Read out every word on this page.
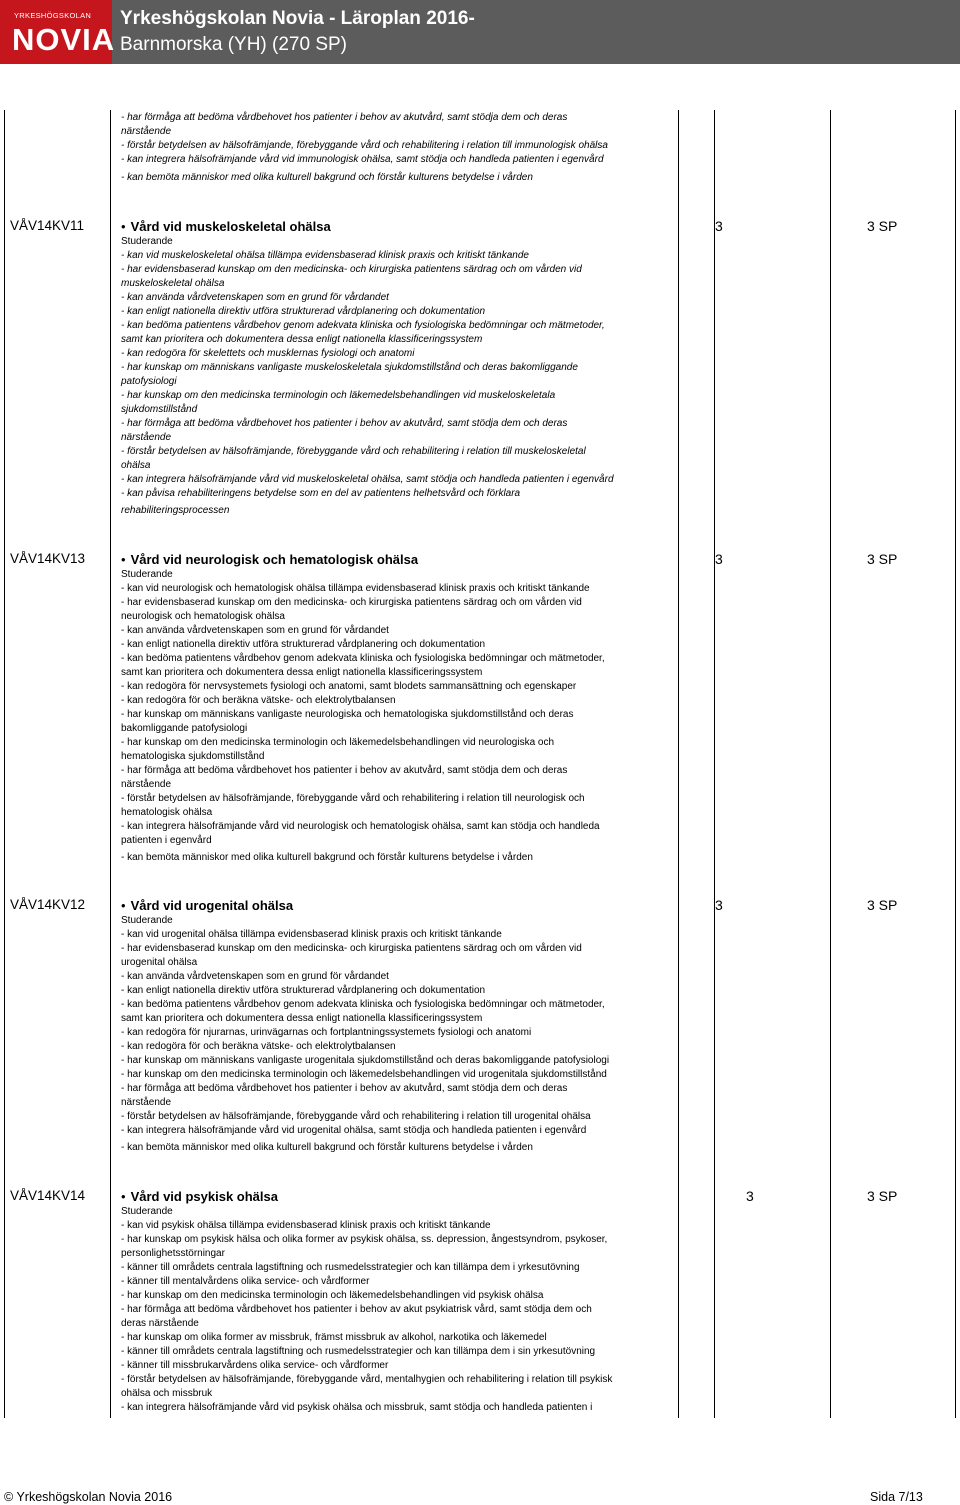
YRKESHÖGSKOLAN
NOVIA
Yrkeshögskolan Novia - Läroplan 2016-
Barnmorska (YH) (270 SP)
- har förmåga att bedöma vårdbehovet hos patienter i behov av akutvård, samt stödja dem och deras
närstående
- förstår betydelsen av hälsofrämjande, förebyggande vård och rehabilitering i relation till immunologisk ohälsa
- kan integrera hälsofrämjande vård vid immunologisk ohälsa, samt stödja och handleda patienten i egenvård
- kan bemöta människor med olika kulturell bakgrund och förstår kulturens betydelse i vården
VÅV14KV11	3	3 SP
• Vård vid muskeloskeletal ohälsa
Studerande
- kan vid muskeloskeletal ohälsa tillämpa evidensbaserad klinisk praxis och kritiskt tänkande
- har evidensbaserad kunskap om den medicinska- och kirurgiska patientens särdrag och om vården vid
muskeloskeletal ohälsa
- kan använda vårdvetenskapen som en grund för vårdandet
- kan enligt nationella direktiv utföra strukturerad vårdplanering och dokumentation
- kan bedöma patientens vårdbehov genom adekvata kliniska och fysiologiska bedömningar och mätmetoder,
samt kan prioritera och dokumentera dessa enligt nationella klassificeringssystem
- kan redogöra för skelettets och musklernas fysiologi och anatomi
- har kunskap om människans vanligaste muskeloskeletala sjukdomstillstånd och deras bakomliggande
patofysiologi
- har kunskap om den medicinska terminologin och läkemedelsbehandlingen vid muskeloskeletala
sjukdomstillstånd
- har förmåga att bedöma vårdbehovet hos patienter i behov av akutvård, samt stödja dem och deras
närstående
- förstår betydelsen av hälsofrämjande, förebyggande vård och rehabilitering i relation till muskeloskeletal
ohälsa
- kan integrera hälsofrämjande vård vid muskeloskeletal ohälsa, samt stödja och handleda patienten i egenvård
- kan påvisa rehabiliteringens betydelse som en del av patientens helhetsvård och förklara
rehabiliteringsprocessen
VÅV14KV13	3	3 SP
• Vård vid neurologisk och hematologisk ohälsa
Studerande
- kan vid neurologisk och hematologisk ohälsa tillämpa evidensbaserad klinisk praxis och kritiskt tänkande
- har evidensbaserad kunskap om den medicinska- och kirurgiska patientens särdrag och om vården vid
neurologisk och hematologisk ohälsa
- kan använda vårdvetenskapen som en grund för vårdandet
- kan enligt nationella direktiv utföra strukturerad vårdplanering och dokumentation
- kan bedöma patientens vårdbehov genom adekvata kliniska och fysiologiska bedömningar och mätmetoder,
samt kan prioritera och dokumentera dessa enligt nationella klassificeringssystem
- kan redogöra för nervsystemets fysiologi och anatomi, samt blodets sammansättning och egenskaper
- kan redogöra för och beräkna vätske- och elektrolytbalansen
- har kunskap om människans vanligaste neurologiska och hematologiska sjukdomstillstånd och deras
bakomliggande patofysiologi
- har kunskap om den medicinska terminologin och läkemedelsbehandlingen vid neurologiska och
hematologiska sjukdomstillstånd
- har förmåga att bedöma vårdbehovet hos patienter i behov av akutvård, samt stödja dem och deras
närstående
- förstår betydelsen av hälsofrämjande, förebyggande vård och rehabilitering i relation till neurologisk och
hematologisk ohälsa
- kan integrera hälsofrämjande vård vid neurologisk och hematologisk ohälsa, samt kan stödja och handleda
patienten i egenvård
- kan bemöta människor med olika kulturell bakgrund och förstår kulturens betydelse i vården
VÅV14KV12	3	3 SP
• Vård vid urogenital ohälsa
Studerande
- kan vid urogenital ohälsa tillämpa evidensbaserad klinisk praxis och kritiskt tänkande
- har evidensbaserad kunskap om den medicinska- och kirurgiska patientens särdrag och om vården vid
urogenital ohälsa
- kan använda vårdvetenskapen som en grund för vårdandet
- kan enligt nationella direktiv utföra strukturerad vårdplanering och dokumentation
- kan bedöma patientens vårdbehov genom adekvata kliniska och fysiologiska bedömningar och mätmetoder,
samt kan prioritera och dokumentera dessa enligt nationella klassificeringssystem
- kan redogöra för njurarnas, urinvägarnas och fortplantningssystemets fysiologi och anatomi
- kan redogöra för och beräkna vätske- och elektrolytbalansen
- har kunskap om människans vanligaste urogenitala sjukdomstillstånd och deras bakomliggande patofysiologi
- har kunskap om den medicinska terminologin och läkemedelsbehandlingen vid urogenitala sjukdomstillstånd
- har förmåga att bedöma vårdbehovet hos patienter i behov av akutvård, samt stödja dem och deras
närstående
- förstår betydelsen av hälsofrämjande, förebyggande vård och rehabilitering i relation till urogenital ohälsa
- kan integrera hälsofrämjande vård vid urogenital ohälsa, samt stödja och handleda patienten i egenvård
- kan bemöta människor med olika kulturell bakgrund och förstår kulturens betydelse i vården
VÅV14KV14	3	3 SP
• Vård vid psykisk ohälsa
Studerande
- kan vid psykisk ohälsa tillämpa evidensbaserad klinisk praxis och kritiskt tänkande
- har kunskap om psykisk hälsa och olika former av psykisk ohälsa, ss. depression, ångestsyndrom, psykoser,
personlighetsstörningar
- känner till områdets centrala lagstiftning och rusmedelsstrategier och kan tillämpa dem i yrkesutövning
- känner till mentalvårdens olika service- och vårdformer
- har kunskap om den medicinska terminologin och läkemedelsbehandlingen vid psykisk ohälsa
- har förmåga att bedöma vårdbehovet hos patienter i behov av akut psykiatrisk vård, samt stödja dem och
deras närstående
- har kunskap om olika former av missbruk, främst missbruk av alkohol, narkotika och läkemedel
- känner till områdets centrala lagstiftning och rusmedelsstrategier och kan tillämpa dem i sin yrkesutövning
- känner till missbrukarvårdens olika service- och vårdformer
- förstår betydelsen av hälsofrämjande, förebyggande vård, mentalhygien och rehabilitering i relation till psykisk
ohälsa och missbruk
- kan integrera hälsofrämjande vård vid psykisk ohälsa och missbruk, samt stödja och handleda patienten i
© Yrkeshögskolan Novia 2016	Sida 7/13
